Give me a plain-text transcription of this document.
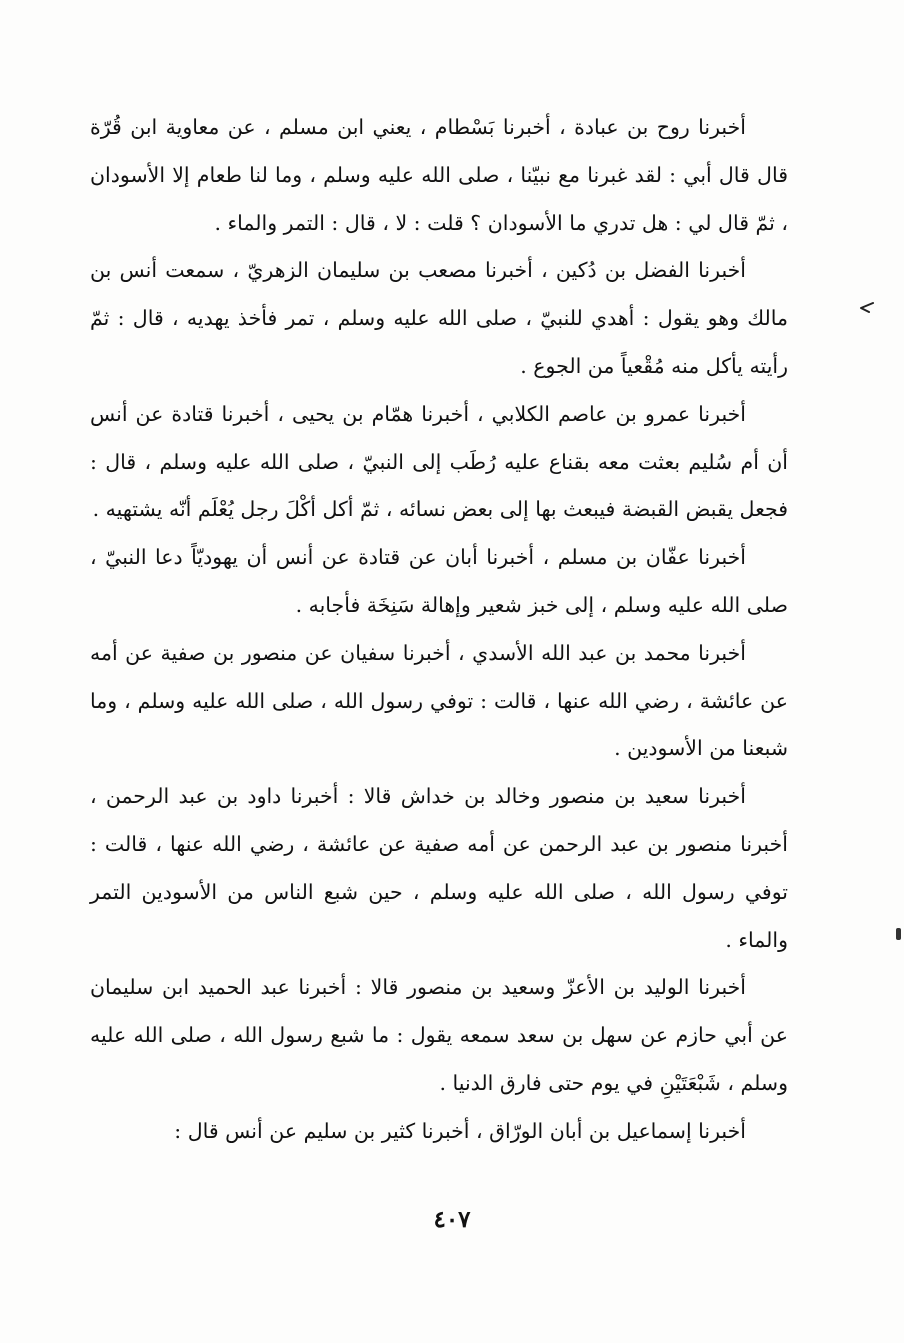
أخبرنا روح بن عبادة ، أخبرنا بَسْطام ، يعني ابن مسلم ، عن معاوية ابن قُرّة قال قال أبي : لقد غبرنا مع نبيّنا ، صلى الله عليه وسلم ، وما لنا طعام إلا الأسودان ، ثمّ قال لي : هل تدري ما الأسودان ؟ قلت : لا ، قال : التمر والماء .

أخبرنا الفضل بن دُكين ، أخبرنا مصعب بن سليمان الزهريّ ، سمعت أنس بن مالك وهو يقول : أهدي للنبيّ ، صلى الله عليه وسلم ، تمر فأخذ يهديه ، قال : ثمّ رأيته يأكل منه مُقْعياً من الجوع .

أخبرنا عمرو بن عاصم الكلابي ، أخبرنا همّام بن يحيى ، أخبرنا قتادة عن أنس أن أم سُليم بعثت معه بقناع عليه رُطَب إلى النبيّ ، صلى الله عليه وسلم ، قال : فجعل يقبض القبضة فيبعث بها إلى بعض نسائه ، ثمّ أكل أكْلَ رجل يُعْلَم أنّه يشتهيه .

أخبرنا عفّان بن مسلم ، أخبرنا أبان عن قتادة عن أنس أن يهوديّاً دعا النبيّ ، صلى الله عليه وسلم ، إلى خبز شعير وإهالة سَنِخَة فأجابه .

أخبرنا محمد بن عبد الله الأسدي ، أخبرنا سفيان عن منصور بن صفية عن أمه عن عائشة ، رضي الله عنها ، قالت : توفي رسول الله ، صلى الله عليه وسلم ، وما شبعنا من الأسودين .

أخبرنا سعيد بن منصور وخالد بن خداش قالا : أخبرنا داود بن عبد الرحمن ، أخبرنا منصور بن عبد الرحمن عن أمه صفية عن عائشة ، رضي الله عنها ، قالت : توفي رسول الله ، صلى الله عليه وسلم ، حين شبع الناس من الأسودين التمر والماء .

أخبرنا الوليد بن الأعزّ وسعيد بن منصور قالا : أخبرنا عبد الحميد ابن سليمان عن أبي حازم عن سهل بن سعد سمعه يقول : ما شبع رسول الله ، صلى الله عليه وسلم ، شَبْعَتَيْنِ في يوم حتى فارق الدنيا .

أخبرنا إسماعيل بن أبان الورّاق ، أخبرنا كثير بن سليم عن أنس قال :

٤٠٧
